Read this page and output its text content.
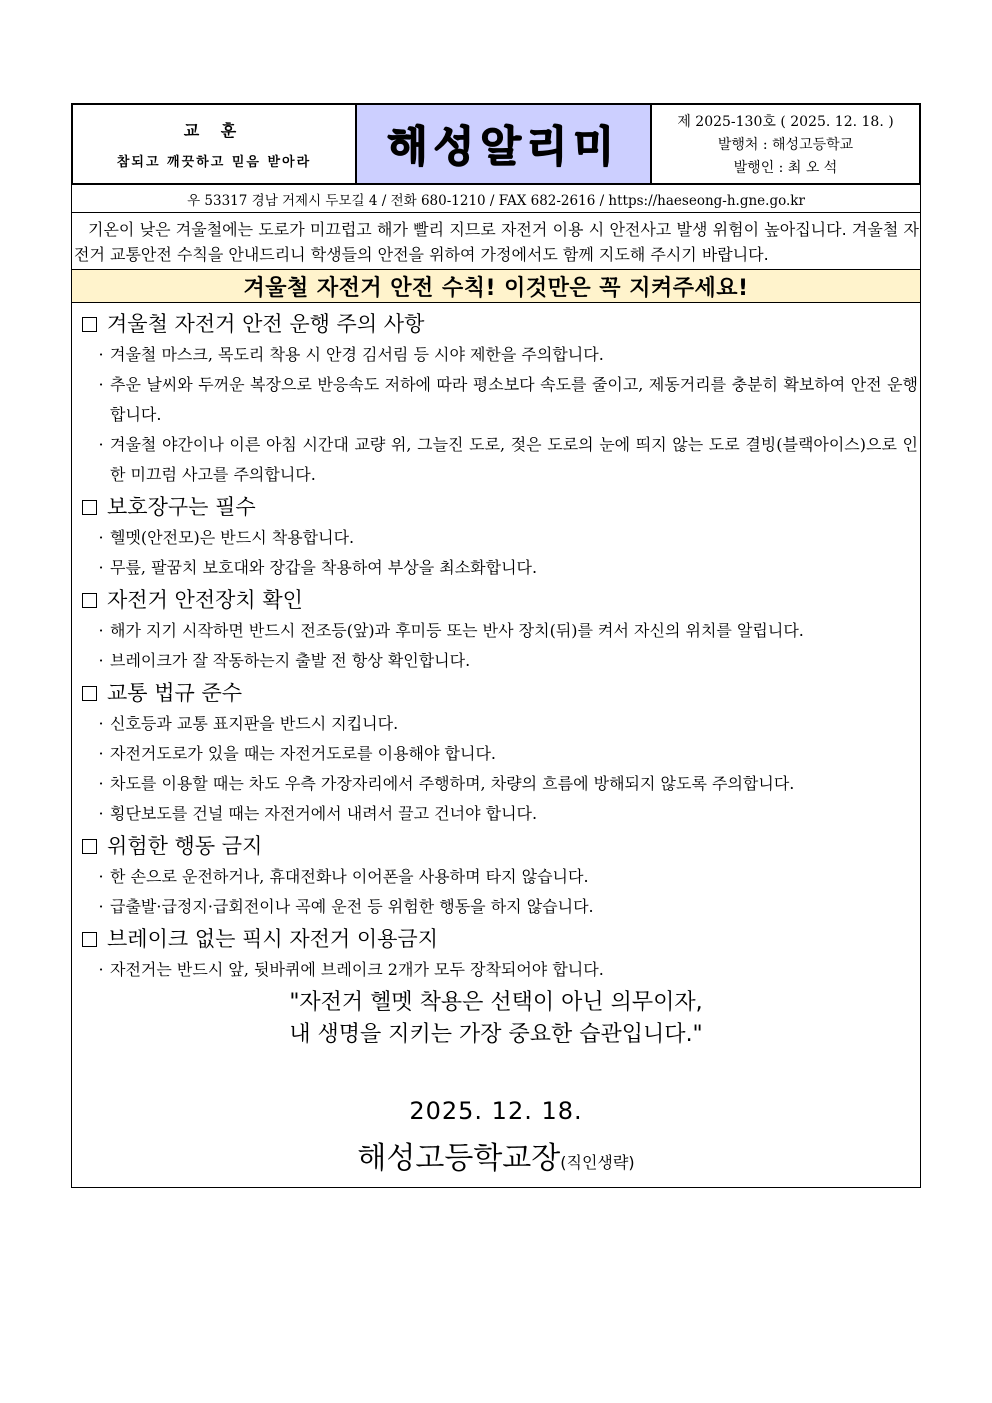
교 훈
참되고 깨끗하고 믿음 받아라 해성알리미
제 2025-130호 ( 2025. 12. 18. )
발행처 : 해성고등학교
발행인 : 최 오 석
우 53317 경남 거제시 두모길 4 / 전화 680-1210 / FAX 682-2616 / https://haeseong-h.gne.go.kr
기온이 낮은 겨울철에는 도로가 미끄럽고 해가 빨리 지므로 자전거 이용 시 안전사고 발생 위험이 높아집니다. 겨울철 자전거 교통안전 수칙을 안내드리니 학생들의 안전을 위하여 가정에서도 함께 지도해 주시기 바랍니다.
겨울철 자전거 안전 수칙! 이것만은 꼭 지켜주세요!
겨울철 자전거 안전 운행 주의 사항
· 겨울철 마스크, 목도리 착용 시 안경 김서림 등 시야 제한을 주의합니다.
· 추운 날씨와 두꺼운 복장으로 반응속도 저하에 따라 평소보다 속도를 줄이고, 제동거리를 충분히 확보하여 안전 운행합니다.
· 겨울철 야간이나 이른 아침 시간대 교량 위, 그늘진 도로, 젖은 도로의 눈에 띄지 않는 도로 결빙(블랙아이스)으로 인한 미끄럼 사고를 주의합니다.
보호장구는 필수
· 헬멧(안전모)은 반드시 착용합니다.
· 무릎, 팔꿈치 보호대와 장갑을 착용하여 부상을 최소화합니다.
자전거 안전장치 확인
· 해가 지기 시작하면 반드시 전조등(앞)과 후미등 또는 반사 장치(뒤)를 켜서 자신의 위치를 알립니다.
· 브레이크가 잘 작동하는지 출발 전 항상 확인합니다.
교통 법규 준수
· 신호등과 교통 표지판을 반드시 지킵니다.
· 자전거도로가 있을 때는 자전거도로를 이용해야 합니다.
· 차도를 이용할 때는 차도 우측 가장자리에서 주행하며, 차량의 흐름에 방해되지 않도록 주의합니다.
· 횡단보도를 건널 때는 자전거에서 내려서 끌고 건너야 합니다.
위험한 행동 금지
· 한 손으로 운전하거나, 휴대전화나 이어폰을 사용하며 타지 않습니다.
· 급출발·급정지·급회전이나 곡예 운전 등 위험한 행동을 하지 않습니다.
브레이크 없는 픽시 자전거 이용금지
· 자전거는 반드시 앞, 뒷바퀴에 브레이크 2개가 모두 장착되어야 합니다.
"자전거 헬멧 착용은 선택이 아닌 의무이자,
내 생명을 지키는 가장 중요한 습관입니다."
2025. 12. 18.
해성고등학교장(직인생략)
